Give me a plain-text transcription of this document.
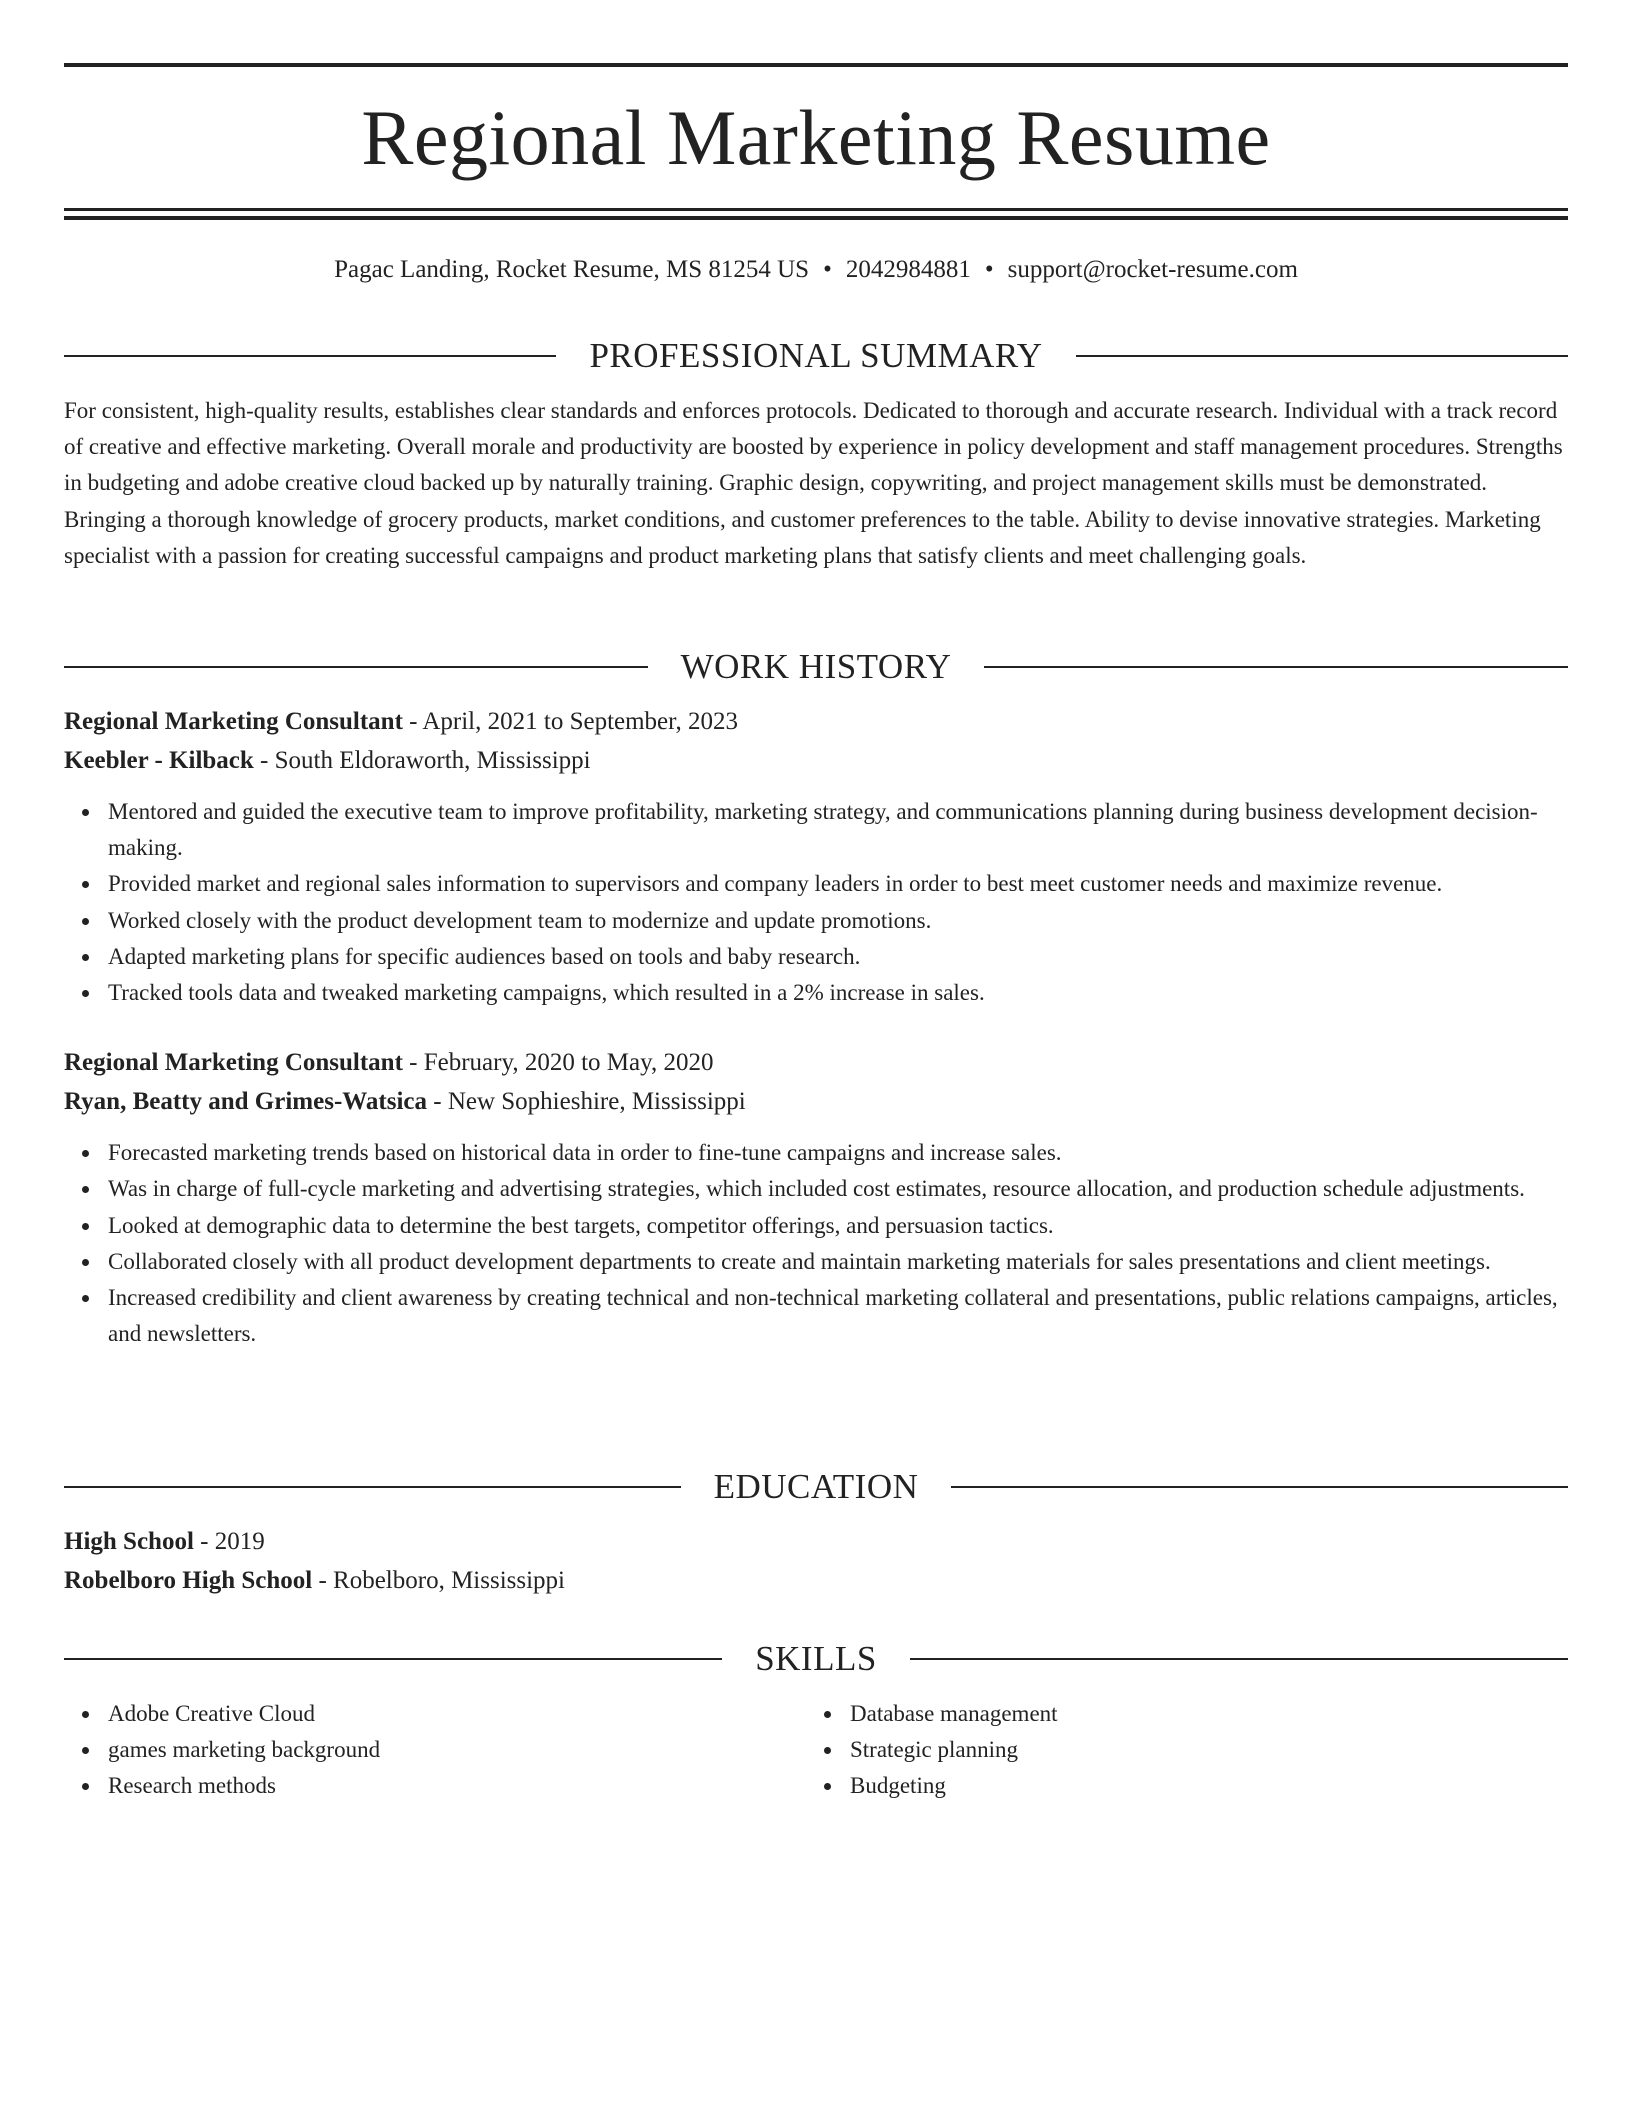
Regional Marketing Resume
Pagac Landing, Rocket Resume, MS 81254 US • 2042984881 • support@rocket-resume.com
PROFESSIONAL SUMMARY

For consistent, high-quality results, establishes clear standards and enforces protocols. Dedicated to thorough and accurate research. Individual with a track record of creative and effective marketing. Overall morale and productivity are boosted by experience in policy development and staff management procedures. Strengths in budgeting and adobe creative cloud backed up by naturally training. Graphic design, copywriting, and project management skills must be demonstrated. Bringing a thorough knowledge of grocery products, market conditions, and customer preferences to the table. Ability to devise innovative strategies. Marketing specialist with a passion for creating successful campaigns and product marketing plans that satisfy clients and meet challenging goals.

WORK HISTORY
Regional Marketing Consultant - April, 2021 to September, 2023
Keebler - Kilback - South Eldoraworth, Mississippi
Mentored and guided the executive team to improve profitability, marketing strategy, and communications planning during business development decision-making.
Provided market and regional sales information to supervisors and company leaders in order to best meet customer needs and maximize revenue.
Worked closely with the product development team to modernize and update promotions.
Adapted marketing plans for specific audiences based on tools and baby research.
Tracked tools data and tweaked marketing campaigns, which resulted in a 2% increase in sales.
Regional Marketing Consultant - February, 2020 to May, 2020
Ryan, Beatty and Grimes-Watsica - New Sophieshire, Mississippi
Forecasted marketing trends based on historical data in order to fine-tune campaigns and increase sales.
Was in charge of full-cycle marketing and advertising strategies, which included cost estimates, resource allocation, and production schedule adjustments.
Looked at demographic data to determine the best targets, competitor offerings, and persuasion tactics.
Collaborated closely with all product development departments to create and maintain marketing materials for sales presentations and client meetings.
Increased credibility and client awareness by creating technical and non-technical marketing collateral and presentations, public relations campaigns, articles, and newsletters.
EDUCATION
High School - 2019
Robelboro High School - Robelboro, Mississippi
SKILLS
Adobe Creative Cloud
games marketing background
Research methods
Database management
Strategic planning
Budgeting
